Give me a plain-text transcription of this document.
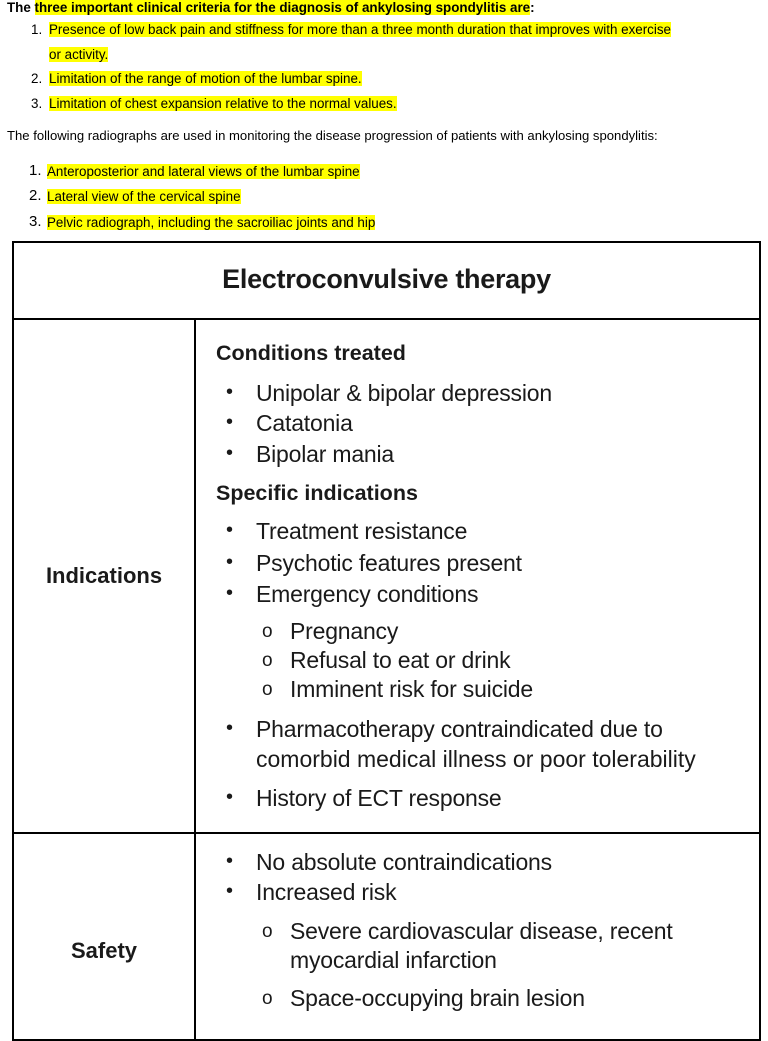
The three important clinical criteria for the diagnosis of ankylosing spondylitis are:
1. Presence of low back pain and stiffness for more than a three month duration that improves with exercise
or activity.
2. Limitation of the range of motion of the lumbar spine.
3. Limitation of chest expansion relative to the normal values.
The following radiographs are used in monitoring the disease progression of patients with ankylosing spondylitis:
1. Anteroposterior and lateral views of the lumbar spine
2. Lateral view of the cervical spine
3. Pelvic radiograph, including the sacroiliac joints and hip
Electroconvulsive therapy
Indications
Conditions treated
• Unipolar & bipolar depression
• Catatonia
• Bipolar mania
Specific indications
• Treatment resistance
• Psychotic features present
• Emergency conditions
o Pregnancy
o Refusal to eat or drink
o Imminent risk for suicide
• Pharmacotherapy contraindicated due to
comorbid medical illness or poor tolerability
• History of ECT response
Safety
• No absolute contraindications
• Increased risk
o Severe cardiovascular disease, recent
myocardial infarction
o Space-occupying brain lesion
